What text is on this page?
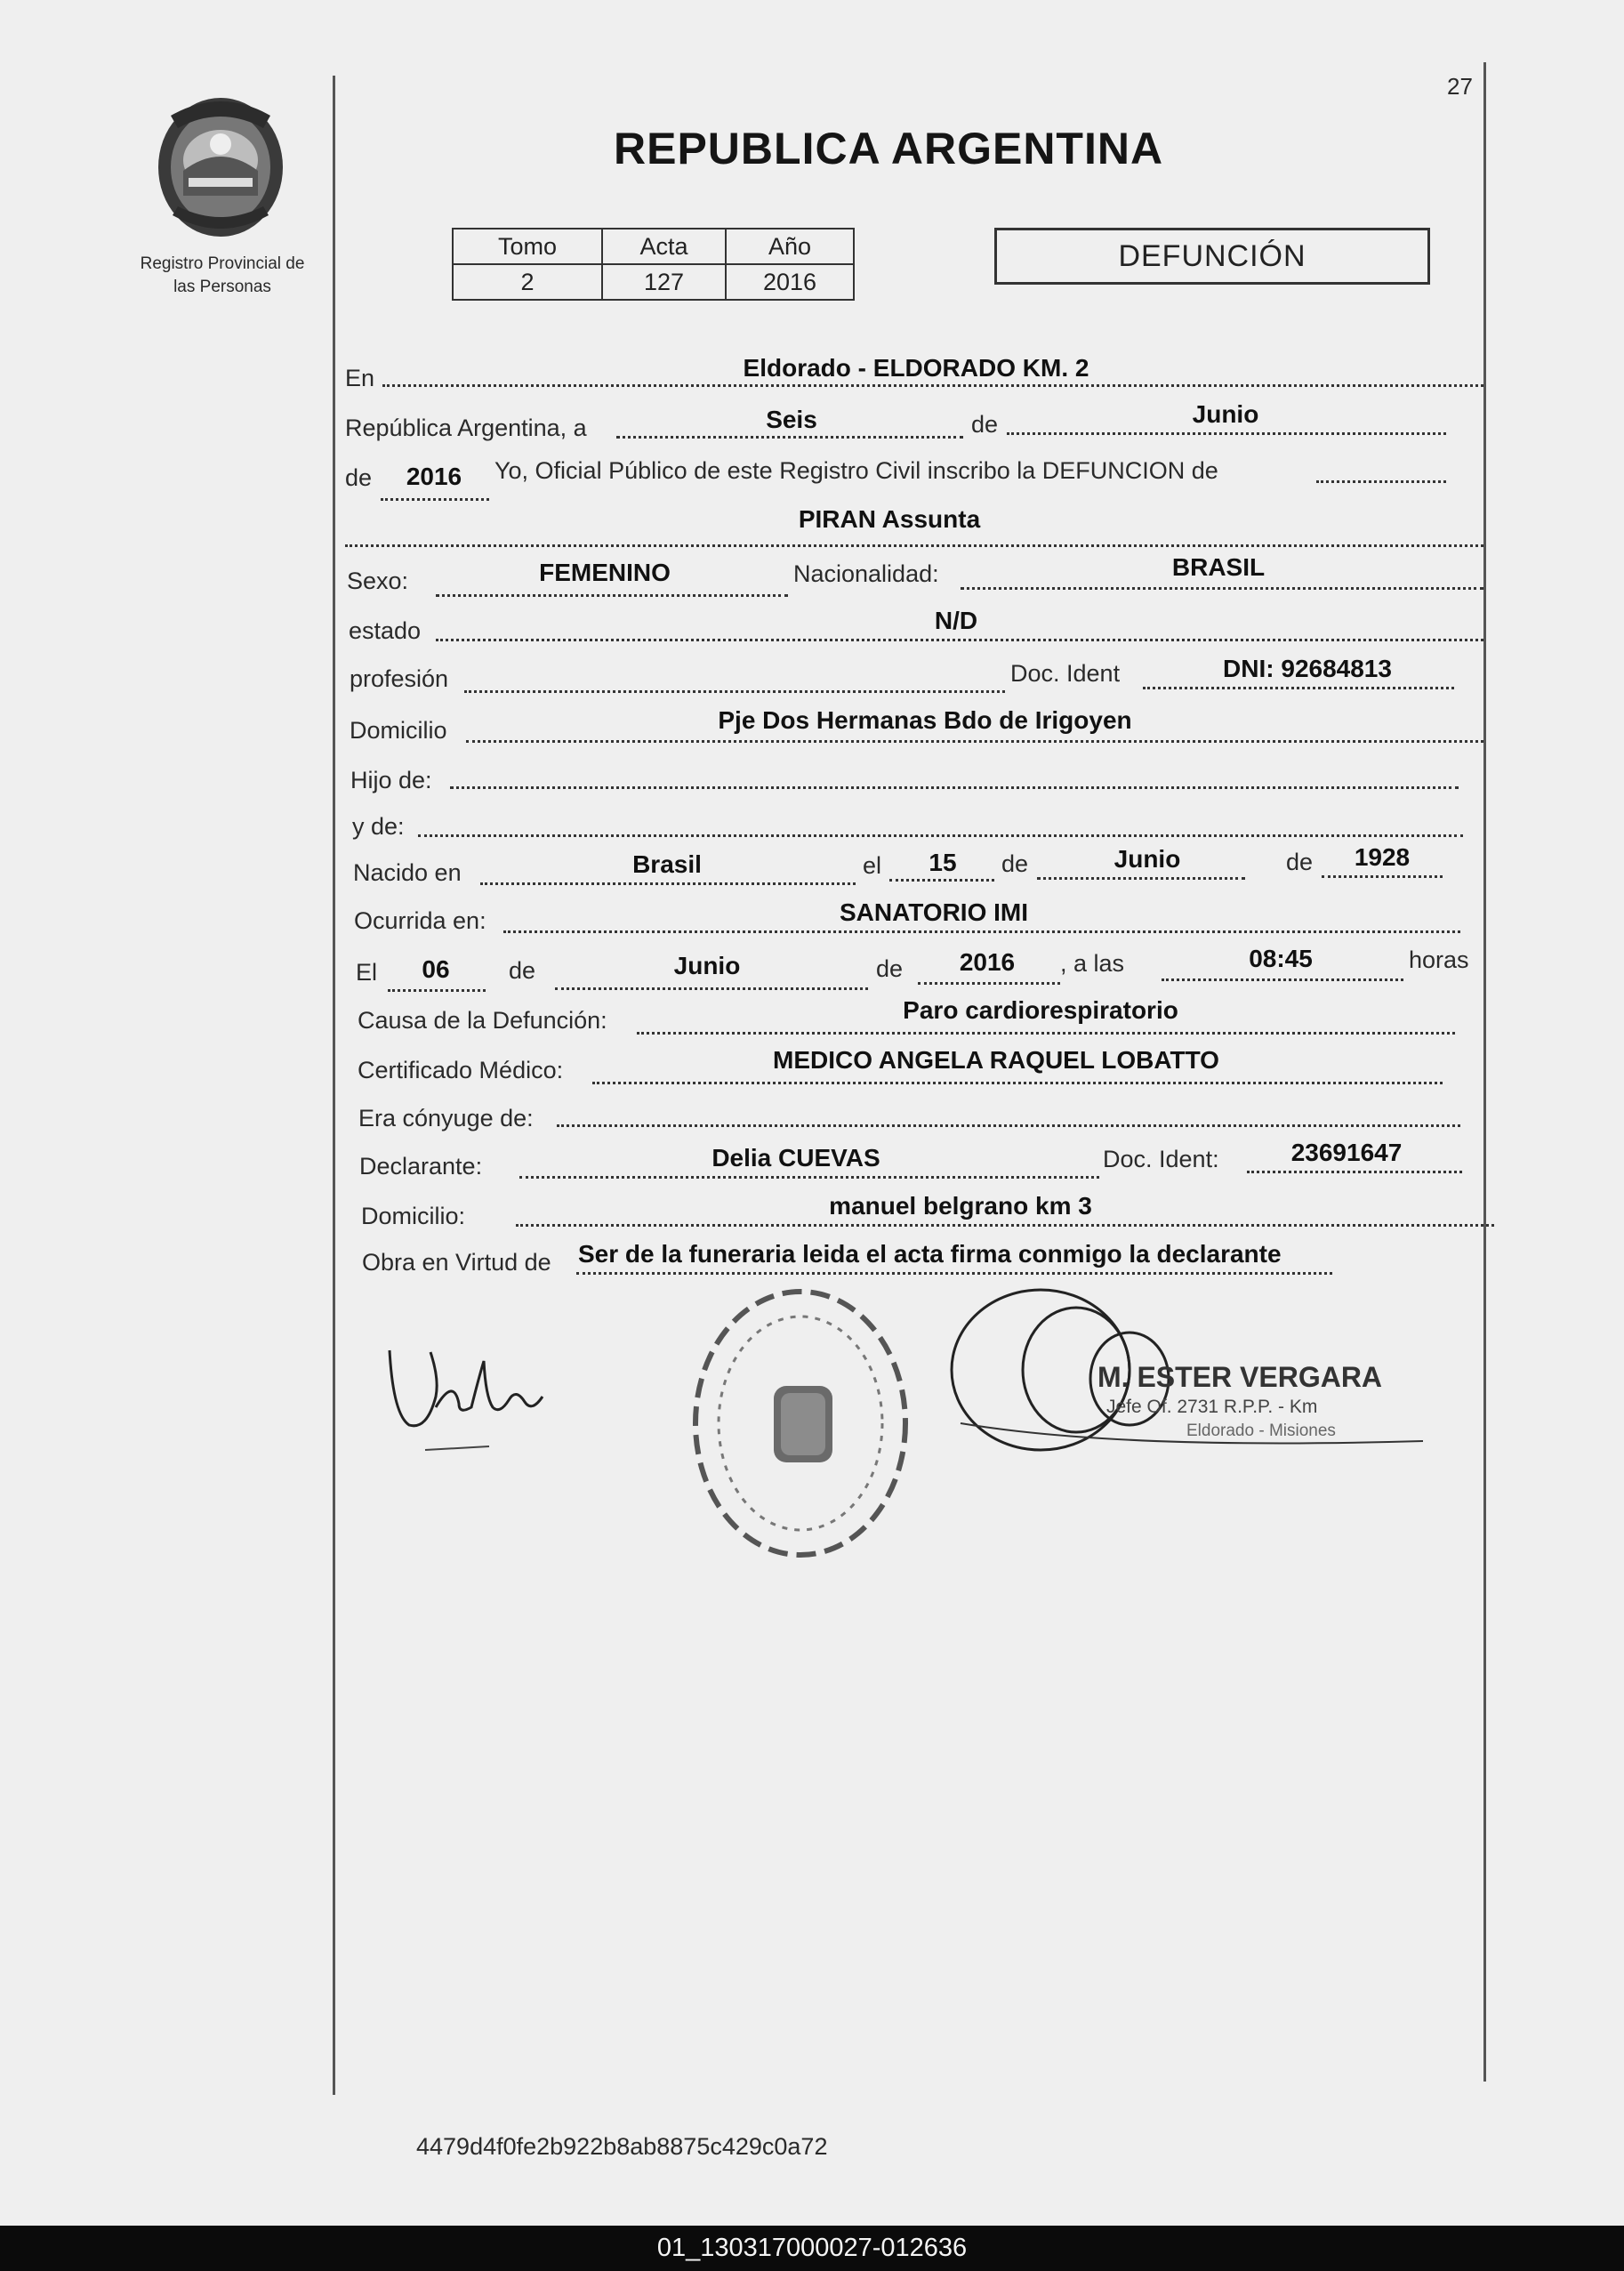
27
Registro Provincial de
las Personas
REPUBLICA ARGENTINA
Tomo	Acta	Año
2	127	2016
DEFUNCIÓN
En	Eldorado - ELDORADO KM. 2
República Argentina, a	Seis	de	Junio
de	2016	Yo, Oficial Público de este Registro Civil inscribo la DEFUNCION de
PIRAN Assunta
Sexo:	FEMENINO	Nacionalidad:	BRASIL
estado	N/D
profesión	Doc. Ident	DNI: 92684813
Domicilio	Pje Dos Hermanas Bdo de Irigoyen
Hijo de:
y de:
Nacido en	Brasil	el	15	de	Junio	de	1928
Ocurrida en:	SANATORIO IMI
El	06	de	Junio	de	2016	, a las	08:45	horas
Causa de la Defunción:	Paro cardiorespiratorio
Certificado Médico:	MEDICO ANGELA RAQUEL LOBATTO
Era cónyuge de:
Declarante:	Delia CUEVAS	Doc. Ident:	23691647
Domicilio:	manuel belgrano km 3
Obra en Virtud de Ser de la funeraria leida el acta firma conmigo la declarante
M. ESTER VERGARA
Jefe Of. 2731 R.P.P. - Km
Eldorado - Misiones
4479d4f0fe2b922b8ab8875c429c0a72
01_130317000027-012636
